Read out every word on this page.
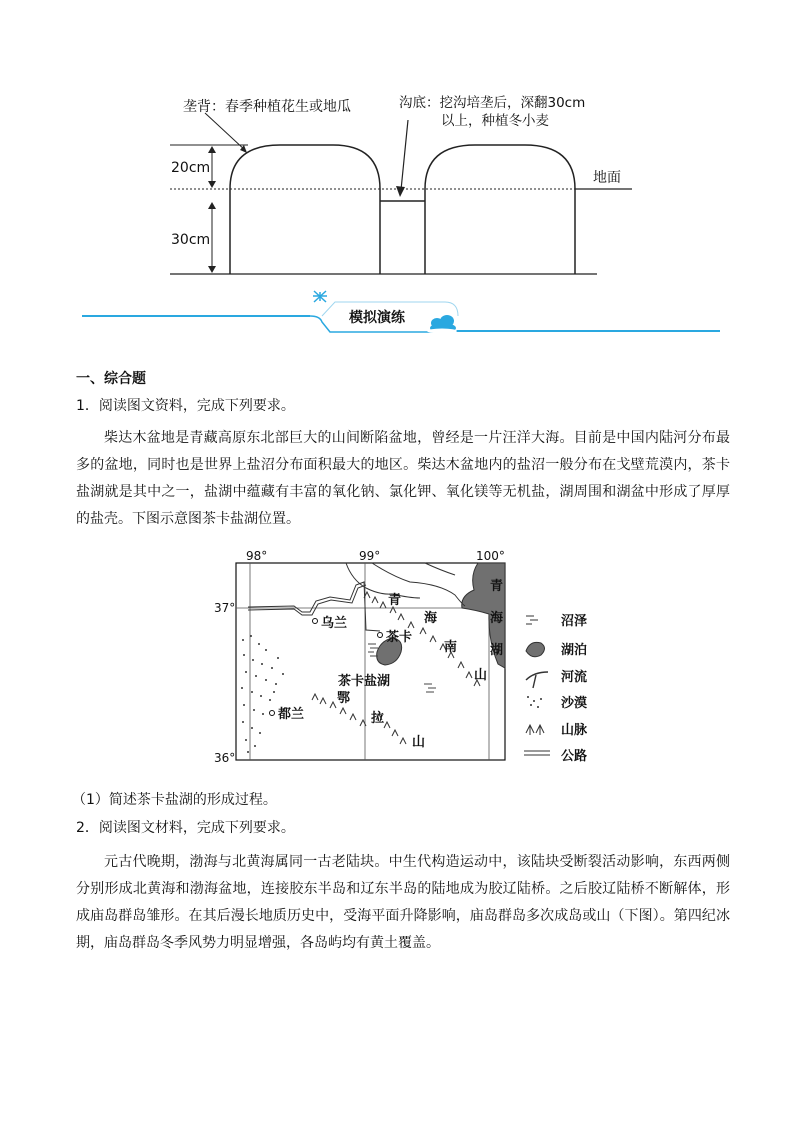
垄背：春季种植花生或地瓜	沟底：挖沟培垄后，深翻30cm
以上，种植冬小麦
20cm
30cm
地面
模拟演练
一、综合题
1．阅读图文资料，完成下列要求。
柴达木盆地是青藏高原东北部巨大的山间断陷盆地，曾经是一片汪洋大海。目前是中国内陆河分布最多的盆地，同时也是世界上盐沼分布面积最大的地区。柴达木盆地内的盐沼一般分布在戈壁荒漠内，茶卡盐湖就是其中之一，盐湖中蕴藏有丰富的氧化钠、氯化钾、氧化镁等无机盐，湖周围和湖盆中形成了厚厚的盐壳。下图示意图茶卡盐湖位置。
98°	99°	100°
37°
36°
乌兰
茶卡
都兰
茶卡盐湖
青
海
湖
青
海
南
山
鄂
拉
山
沼泽
湖泊
河流
沙漠
山脉
公路
（1）简述茶卡盐湖的形成过程。
2．阅读图文材料，完成下列要求。
元古代晚期，渤海与北黄海属同一古老陆块。中生代构造运动中，该陆块受断裂活动影响，东西两侧分别形成北黄海和渤海盆地，连接胶东半岛和辽东半岛的陆地成为胶辽陆桥。之后胶辽陆桥不断解体，形成庙岛群岛雏形。在其后漫长地质历史中，受海平面升降影响，庙岛群岛多次成岛或山（下图）。第四纪冰期，庙岛群岛冬季风势力明显增强，各岛屿均有黄土覆盖。
